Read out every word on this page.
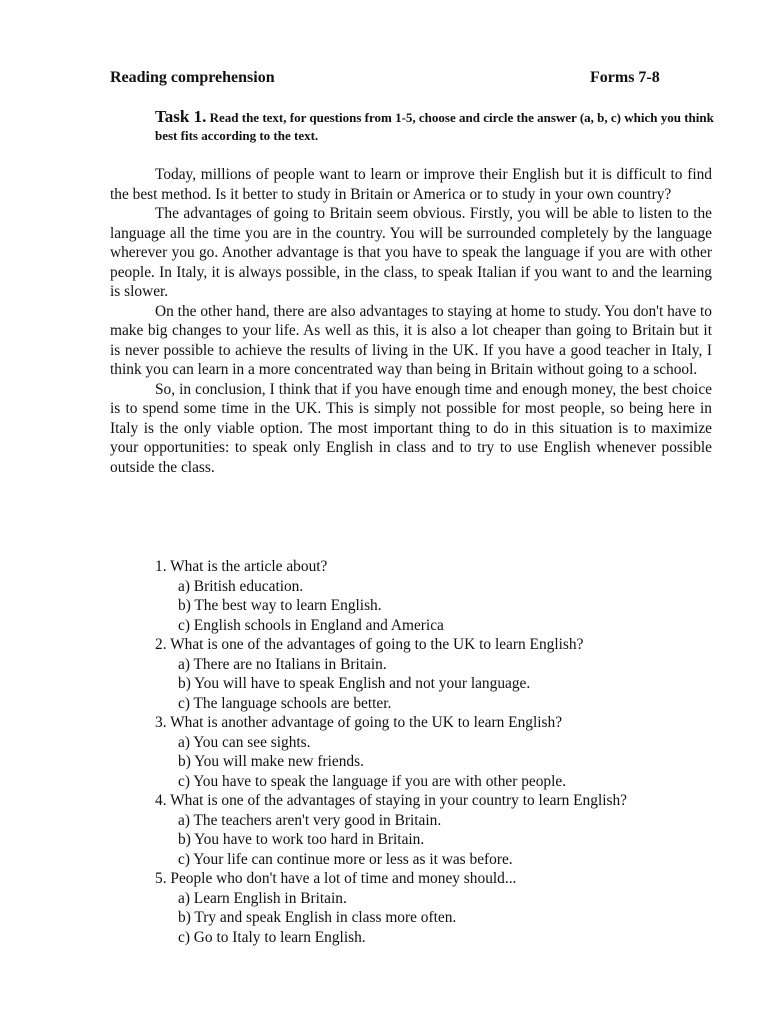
Reading comprehension	Forms 7-8
Task 1. Read the text, for questions from 1-5, choose and circle the answer (a, b, c) which you think best fits according to the text.

Today, millions of people want to learn or improve their English but it is difficult to find the best method. Is it better to study in Britain or America or to study in your own country?

The advantages of going to Britain seem obvious. Firstly, you will be able to listen to the language all the time you are in the country. You will be surrounded completely by the language wherever you go. Another advantage is that you have to speak the language if you are with other people. In Italy, it is always possible, in the class, to speak Italian if you want to and the learning is slower.

On the other hand, there are also advantages to staying at home to study. You don't have to make big changes to your life. As well as this, it is also a lot cheaper than going to Britain but it is never possible to achieve the results of living in the UK. If you have a good teacher in Italy, I think you can learn in a more concentrated way than being in Britain without going to a school.

So, in conclusion, I think that if you have enough time and enough money, the best choice is to spend some time in the UK. This is simply not possible for most people, so being here in Italy is the only viable option. The most important thing to do in this situation is to maximize your opportunities: to speak only English in class and to try to use English whenever possible outside the class.

1. What is the article about?
a) British education.
b) The best way to learn English.
c) English schools in England and America
2. What is one of the advantages of going to the UK to learn English?
a) There are no Italians in Britain.
b) You will have to speak English and not your language.
c) The language schools are better.
3. What is another advantage of going to the UK to learn English?
a) You can see sights.
b) You will make new friends.
c) You have to speak the language if you are with other people.
4. What is one of the advantages of staying in your country to learn English?
a) The teachers aren't very good in Britain.
b) You have to work too hard in Britain.
c) Your life can continue more or less as it was before.
5. People who don't have a lot of time and money should...
a) Learn English in Britain.
b) Try and speak English in class more often.
c) Go to Italy to learn English.
